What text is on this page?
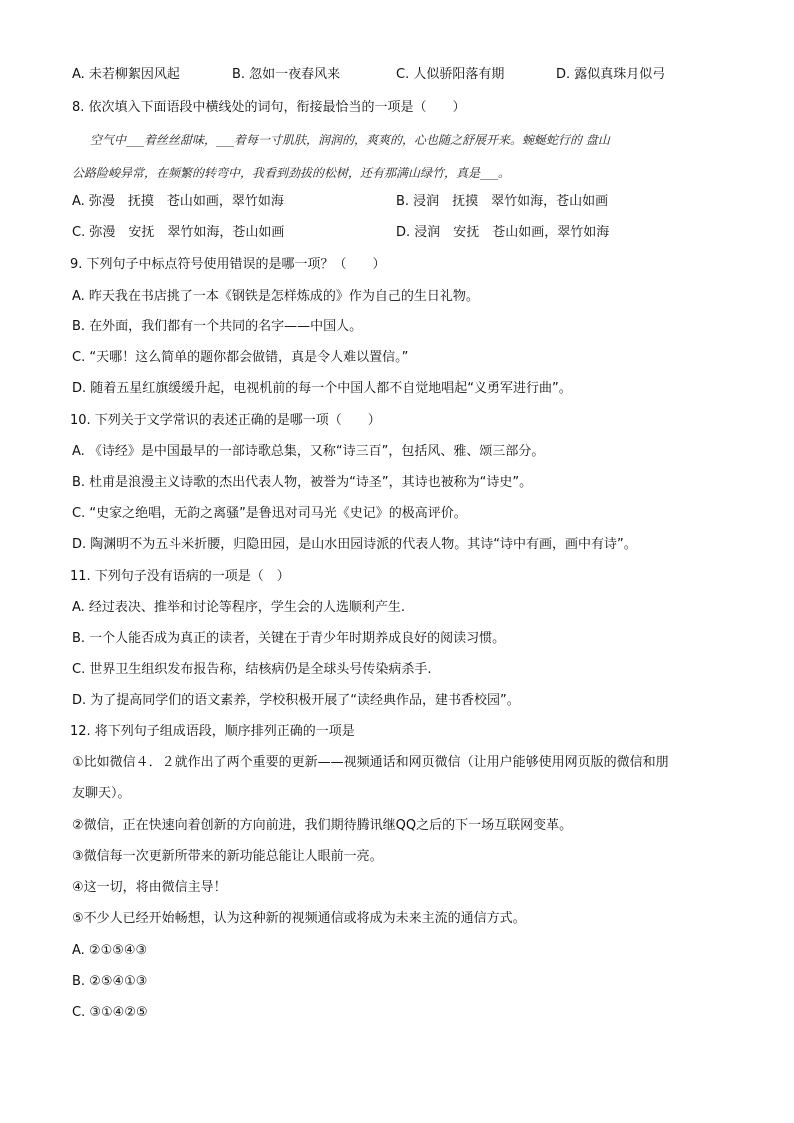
A. 未若柳絮因风起	B. 忽如一夜春风来	C. 人似骄阳落有期	D. 露似真珠月似弓
8. 依次填入下面语段中横线处的词句，衔接最恰当的一项是（　　）
空气中___着丝丝甜味，___着每一寸肌肤，润润的，爽爽的，心也随之舒展开来。蜿蜒蛇行的 盘山
公路险峻异常，在频繁的转弯中，我看到劲拔的松树，还有那满山绿竹，真是___。
A. 弥漫　抚摸　苍山如画，翠竹如海	B. 浸润　抚摸　翠竹如海，苍山如画
C. 弥漫　安抚　翠竹如海，苍山如画	D. 浸润　安抚　苍山如画，翠竹如海
9. 下列句子中标点符号使用错误的是哪一项？（　　）
A. 昨天我在书店挑了一本《钢铁是怎样炼成的》作为自己的生日礼物。
B. 在外面，我们都有一个共同的名字——中国人。
C. “天哪！这么简单的题你都会做错，真是令人难以置信。”
D. 随着五星红旗缓缓升起，电视机前的每一个中国人都不自觉地唱起“义勇军进行曲”。
10. 下列关于文学常识的表述正确的是哪一项（　　）
A. 《诗经》是中国最早的一部诗歌总集，又称“诗三百”，包括风、雅、颂三部分。
B. 杜甫是浪漫主义诗歌的杰出代表人物，被誉为“诗圣”，其诗也被称为“诗史”。
C. “史家之绝唱，无韵之离骚”是鲁迅对司马光《史记》的极高评价。
D. 陶渊明不为五斗米折腰，归隐田园，是山水田园诗派的代表人物。其诗“诗中有画，画中有诗”。
11. 下列句子没有语病的一项是（　）
A. 经过表决、推举和讨论等程序，学生会的人选顺利产生.
B. 一个人能否成为真正的读者，关键在于青少年时期养成良好的阅读习惯。
C. 世界卫生组织发布报告称，结核病仍是全球头号传染病杀手.
D. 为了提高同学们的语文素养，学校积极开展了“读经典作品，建书香校园”。
12. 将下列句子组成语段，顺序排列正确的一项是
①比如微信４．２就作出了两个重要的更新——视频通话和网页微信（让用户能够使用网页版的微信和朋
友聊天）。
②微信，正在快速向着创新的方向前进，我们期待腾讯继QQ之后的下一场互联网变革。
③微信每一次更新所带来的新功能总能让人眼前一亮。
④这一切，将由微信主导！
⑤不少人已经开始畅想，认为这种新的视频通信或将成为未来主流的通信方式。
A. ②①⑤④③
B. ②⑤④①③
C. ③①④②⑤
